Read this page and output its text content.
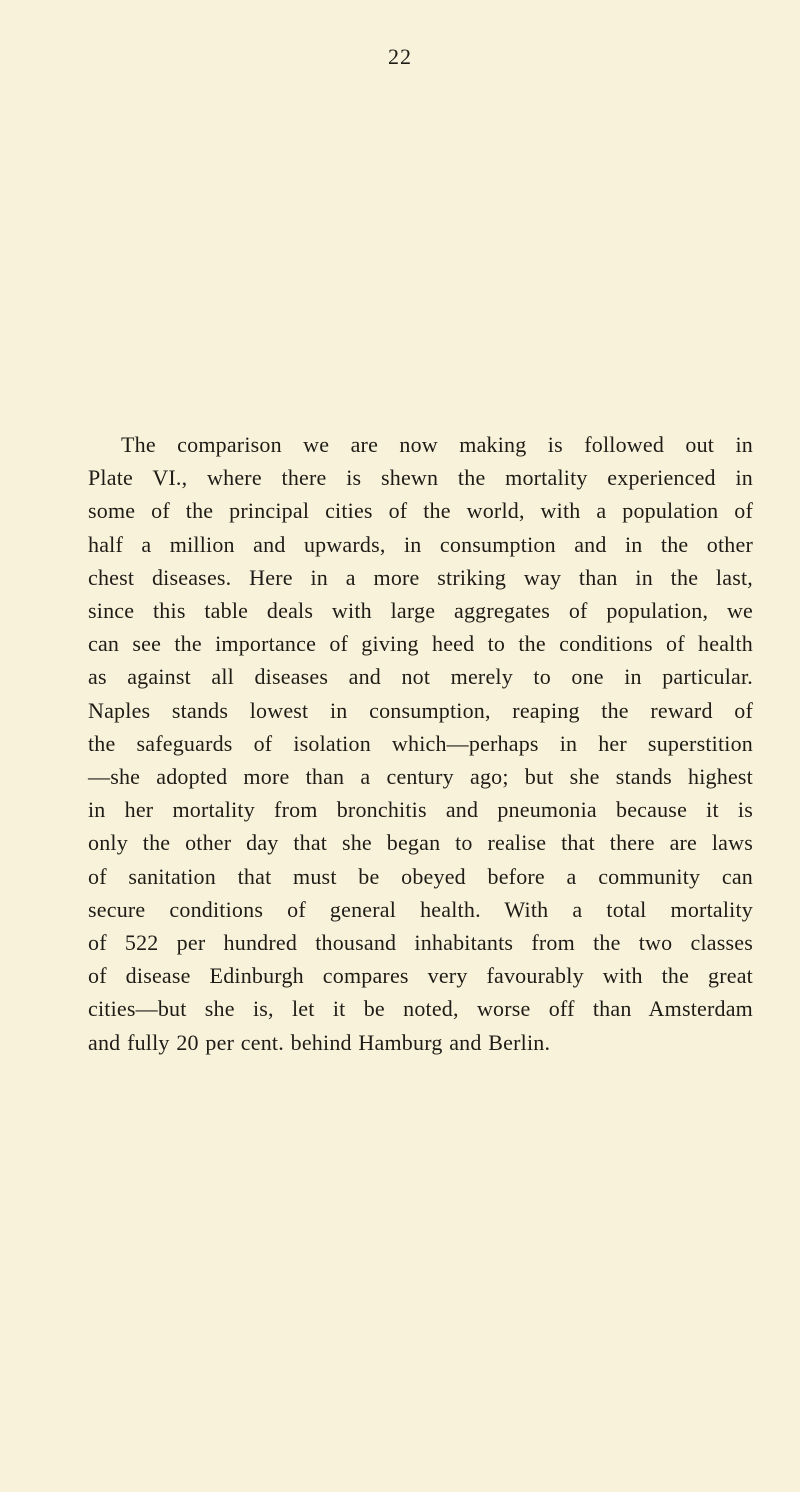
22
The comparison we are now making is followed out in
Plate VI., where there is shewn the mortality experienced in
some of the principal cities of the world, with a population of
half a million and upwards, in consumption and in the other
chest diseases. Here in a more striking way than in the last,
since this table deals with large aggregates of population, we
can see the importance of giving heed to the conditions of health
as against all diseases and not merely to one in particular.
Naples stands lowest in consumption, reaping the reward of
the safeguards of isolation which—perhaps in her superstition
—she adopted more than a century ago; but she stands highest
in her mortality from bronchitis and pneumonia because it is
only the other day that she began to realise that there are laws
of sanitation that must be obeyed before a community can
secure conditions of general health. With a total mortality
of 522 per hundred thousand inhabitants from the two classes
of disease Edinburgh compares very favourably with the great
cities—but she is, let it be noted, worse off than Amsterdam
and fully 20 per cent. behind Hamburg and Berlin.
